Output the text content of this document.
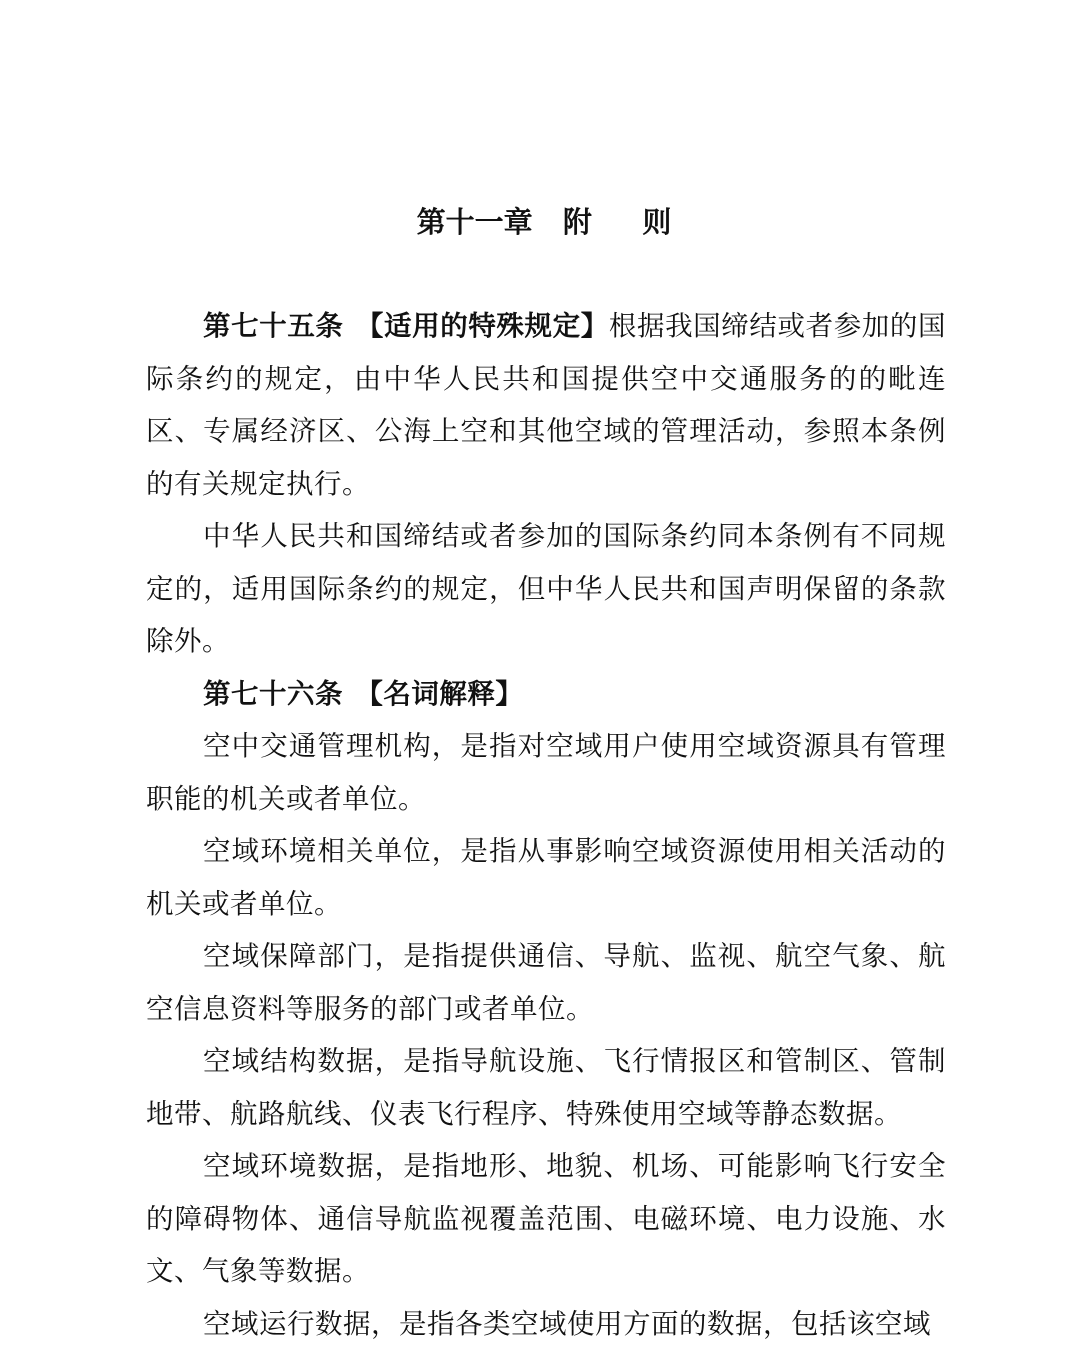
第十一章   附     则

第七十五条 【适用的特殊规定】根据我国缔结或者参加的国际条约的规定，由中华人民共和国提供空中交通服务的的毗连区、专属经济区、公海上空和其他空域的管理活动，参照本条例的有关规定执行。

中华人民共和国缔结或者参加的国际条约同本条例有不同规定的，适用国际条约的规定，但中华人民共和国声明保留的条款除外。

第七十六条 【名词解释】

空中交通管理机构，是指对空域用户使用空域资源具有管理职能的机关或者单位。

空域环境相关单位，是指从事影响空域资源使用相关活动的机关或者单位。

空域保障部门，是指提供通信、导航、监视、航空气象、航空信息资料等服务的部门或者单位。

空域结构数据，是指导航设施、飞行情报区和管制区、管制地带、航路航线、仪表飞行程序、特殊使用空域等静态数据。

空域环境数据，是指地形、地貌、机场、可能影响飞行安全的障碍物体、通信导航监视覆盖范围、电磁环境、电力设施、水文、气象等数据。

空域运行数据，是指各类空域使用方面的数据，包括该空域
